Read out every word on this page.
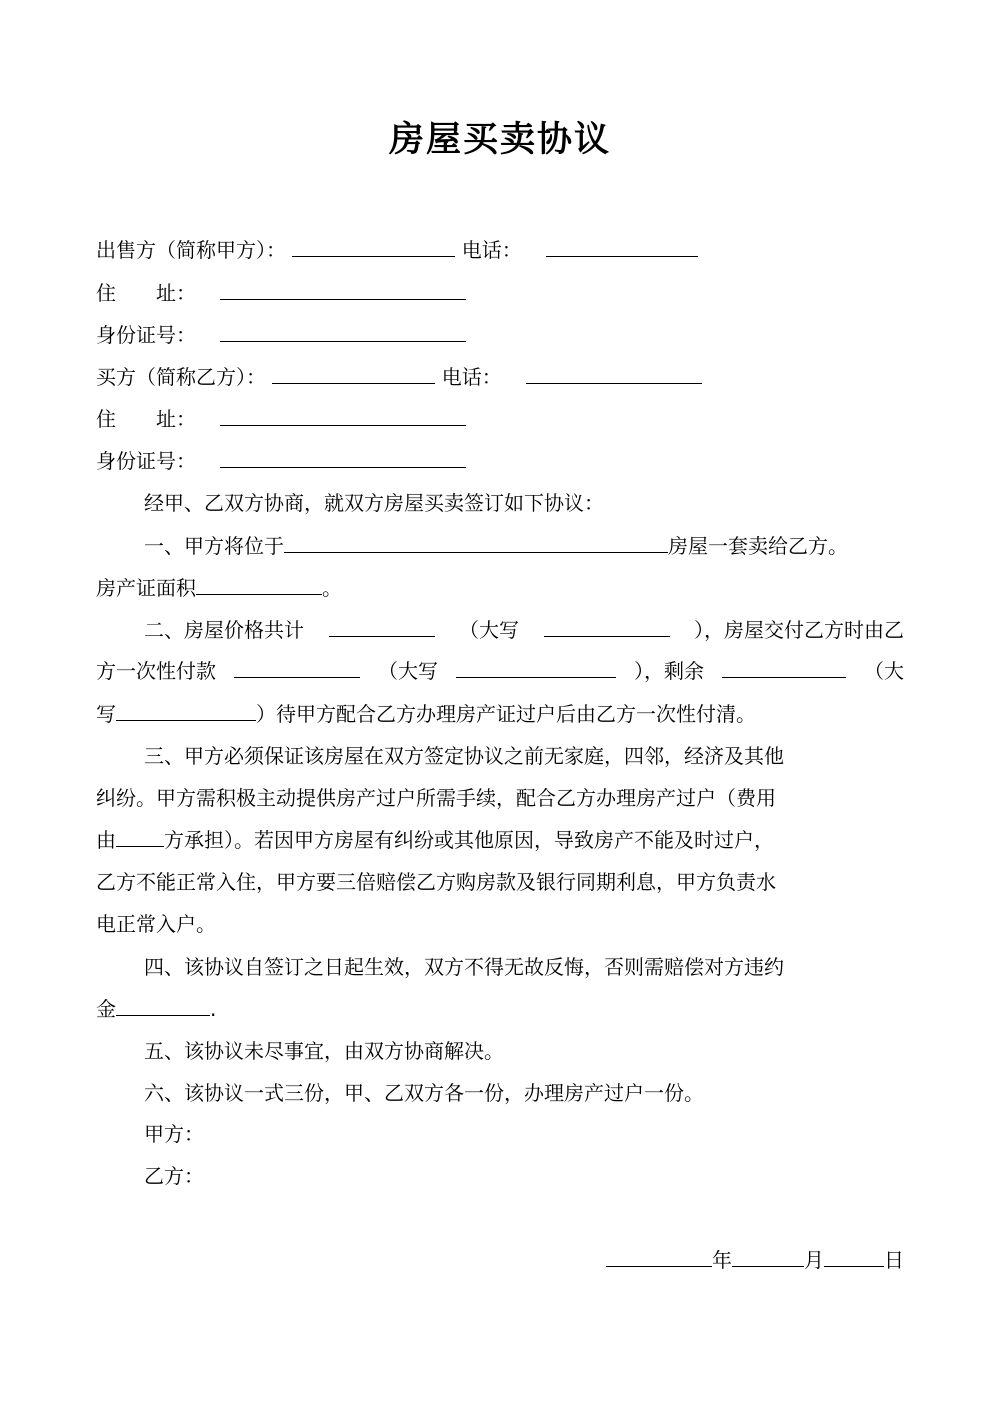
房屋买卖协议
出售方（简称甲方）：	电话：
住　　址：
身份证号：
买方（简称乙方）：	电话：
住　　址：
身份证号：
经甲、乙双方协商，就双方房屋买卖签订如下协议：
一、甲方将位于	房屋一套卖给乙方。
房产证面积	。
二、房屋价格共计	（大写	），房屋交付乙方时由乙
方一次性付款	（大写	），剩余	（大
写	）待甲方配合乙方办理房产证过户后由乙方一次性付清。
三、甲方必须保证该房屋在双方签定协议之前无家庭，四邻，经济及其他
纠纷。甲方需积极主动提供房产过户所需手续，配合乙方办理房产过户（费用
由 方承担）。若因甲方房屋有纠纷或其他原因，导致房产不能及时过户，
乙方不能正常入住，甲方要三倍赔偿乙方购房款及银行同期利息，甲方负责水
电正常入户。
四、该协议自签订之日起生效，双方不得无故反悔，否则需赔偿对方违约
金	.
五、该协议未尽事宜，由双方协商解决。
六、该协议一式三份，甲、乙双方各一份，办理房产过户一份。
甲方：
乙方：
年	月	日
